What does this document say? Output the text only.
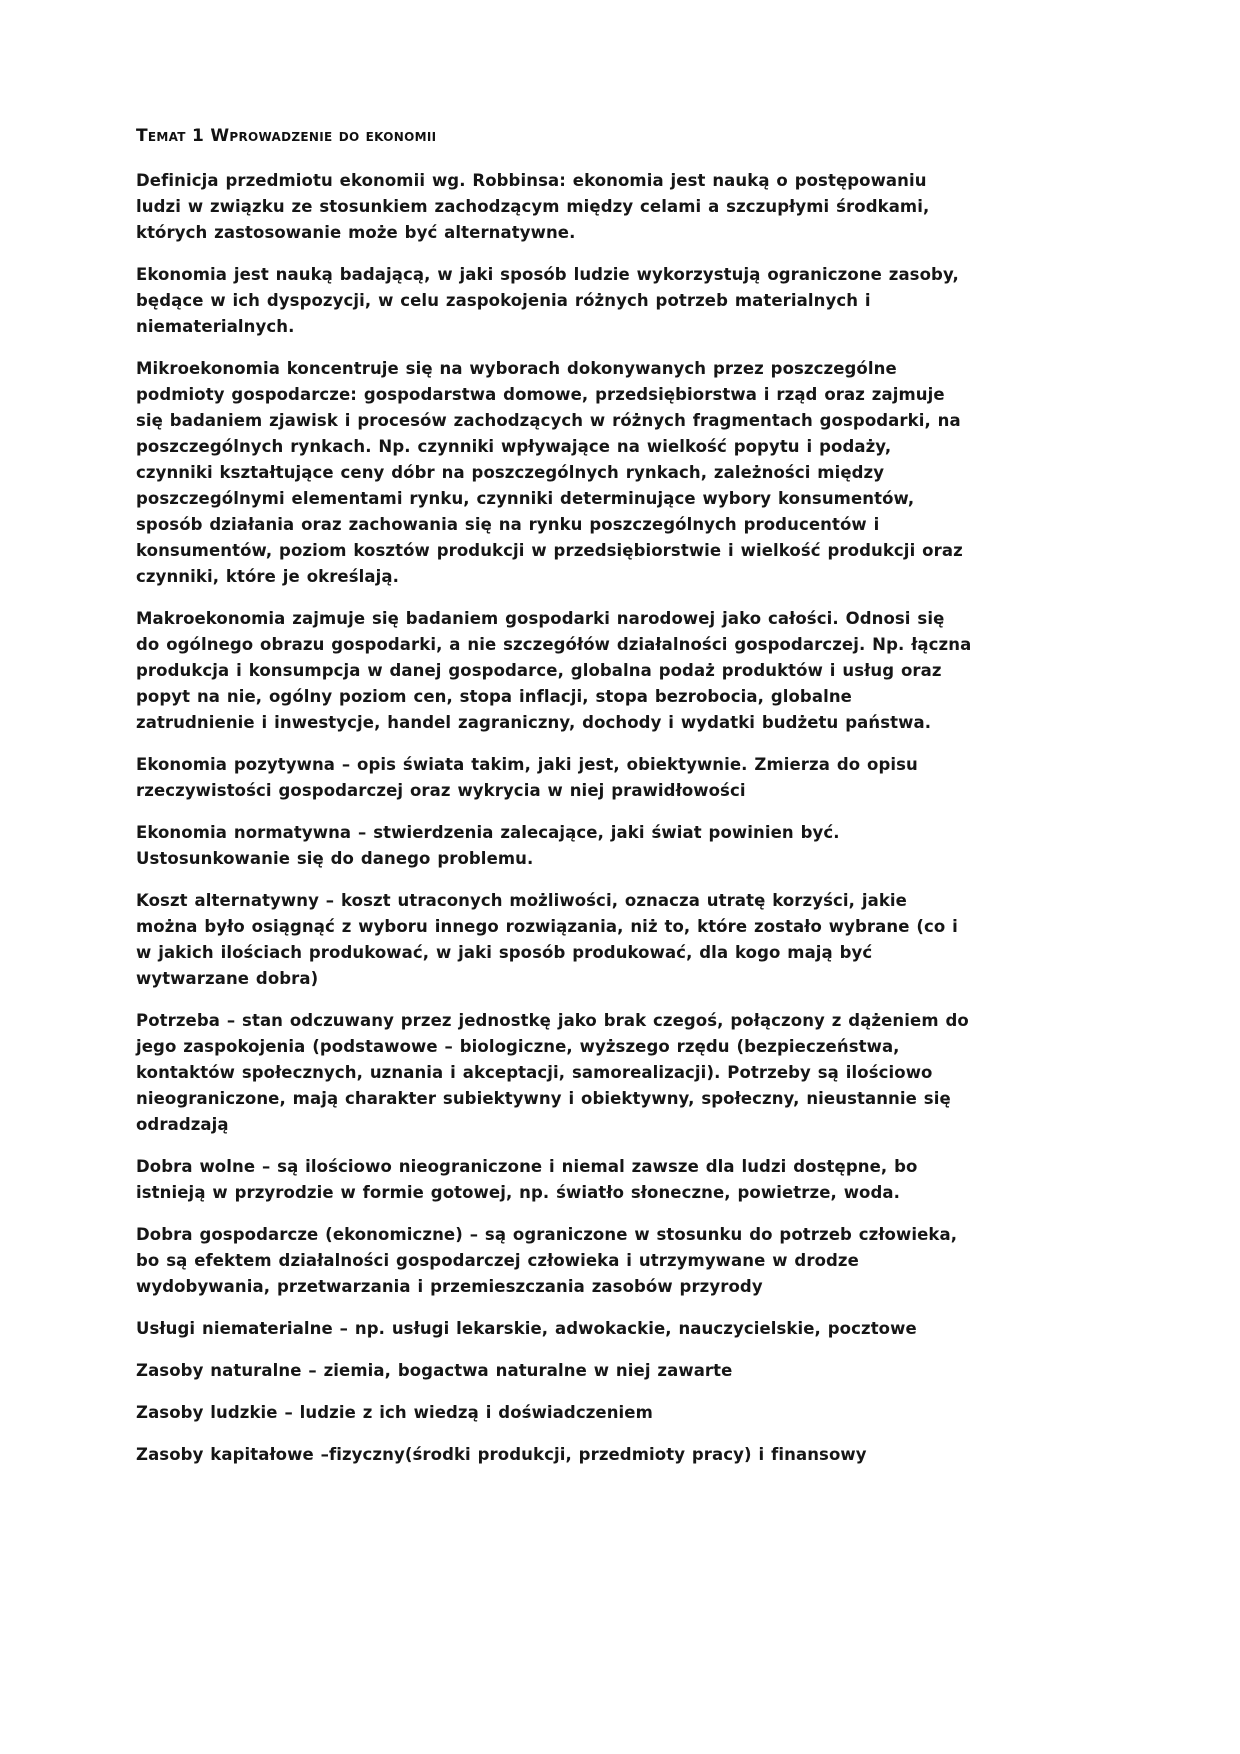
Temat 1 Wprowadzenie do ekonomii

Definicja przedmiotu ekonomii wg. Robbinsa: ekonomia jest nauką o postępowaniu ludzi w związku ze stosunkiem zachodzącym między celami a szczupłymi środkami, których zastosowanie może być alternatywne.

Ekonomia jest nauką badającą, w jaki sposób ludzie wykorzystują ograniczone zasoby, będące w ich dyspozycji, w celu zaspokojenia różnych potrzeb materialnych i niematerialnych.

Mikroekonomia koncentruje się na wyborach dokonywanych przez poszczególne podmioty gospodarcze: gospodarstwa domowe, przedsiębiorstwa i rząd oraz zajmuje się badaniem zjawisk i procesów zachodzących w różnych fragmentach gospodarki, na poszczególnych rynkach. Np. czynniki wpływające na wielkość popytu i podaży, czynniki kształtujące ceny dóbr na poszczególnych rynkach, zależności między poszczególnymi elementami rynku, czynniki determinujące wybory konsumentów, sposób działania oraz zachowania się na rynku poszczególnych producentów i konsumentów, poziom kosztów produkcji w przedsiębiorstwie i wielkość produkcji oraz czynniki, które je określają.

Makroekonomia zajmuje się badaniem gospodarki narodowej jako całości. Odnosi się do ogólnego obrazu gospodarki, a nie szczegółów działalności gospodarczej. Np. łączna produkcja i konsumpcja w danej gospodarce, globalna podaż produktów i usług oraz popyt na nie, ogólny poziom cen, stopa inflacji, stopa bezrobocia, globalne zatrudnienie i inwestycje, handel zagraniczny, dochody i wydatki budżetu państwa.

Ekonomia pozytywna – opis świata takim, jaki jest, obiektywnie. Zmierza do opisu rzeczywistości gospodarczej oraz wykrycia w niej prawidłowości

Ekonomia normatywna – stwierdzenia zalecające, jaki świat powinien być. Ustosunkowanie się do danego problemu.

Koszt alternatywny – koszt utraconych możliwości, oznacza utratę korzyści, jakie można było osiągnąć z wyboru innego rozwiązania, niż to, które zostało wybrane (co i w jakich ilościach produkować, w jaki sposób produkować, dla kogo mają być wytwarzane dobra)

Potrzeba – stan odczuwany przez jednostkę jako brak czegoś, połączony z dążeniem do jego zaspokojenia (podstawowe – biologiczne, wyższego rzędu (bezpieczeństwa, kontaktów społecznych, uznania i akceptacji, samorealizacji). Potrzeby są ilościowo nieograniczone, mają charakter subiektywny i obiektywny, społeczny, nieustannie się odradzają

Dobra wolne – są ilościowo nieograniczone i niemal zawsze dla ludzi dostępne, bo istnieją w przyrodzie w formie gotowej, np. światło słoneczne, powietrze, woda.

Dobra gospodarcze (ekonomiczne) – są ograniczone w stosunku do potrzeb człowieka, bo są efektem działalności gospodarczej człowieka i utrzymywane w drodze wydobywania, przetwarzania i przemieszczania zasobów przyrody

Usługi niematerialne – np. usługi lekarskie, adwokackie, nauczycielskie, pocztowe

Zasoby naturalne – ziemia, bogactwa naturalne w niej zawarte

Zasoby ludzkie – ludzie z ich wiedzą i doświadczeniem

Zasoby kapitałowe –fizyczny(środki produkcji, przedmioty pracy) i finansowy
